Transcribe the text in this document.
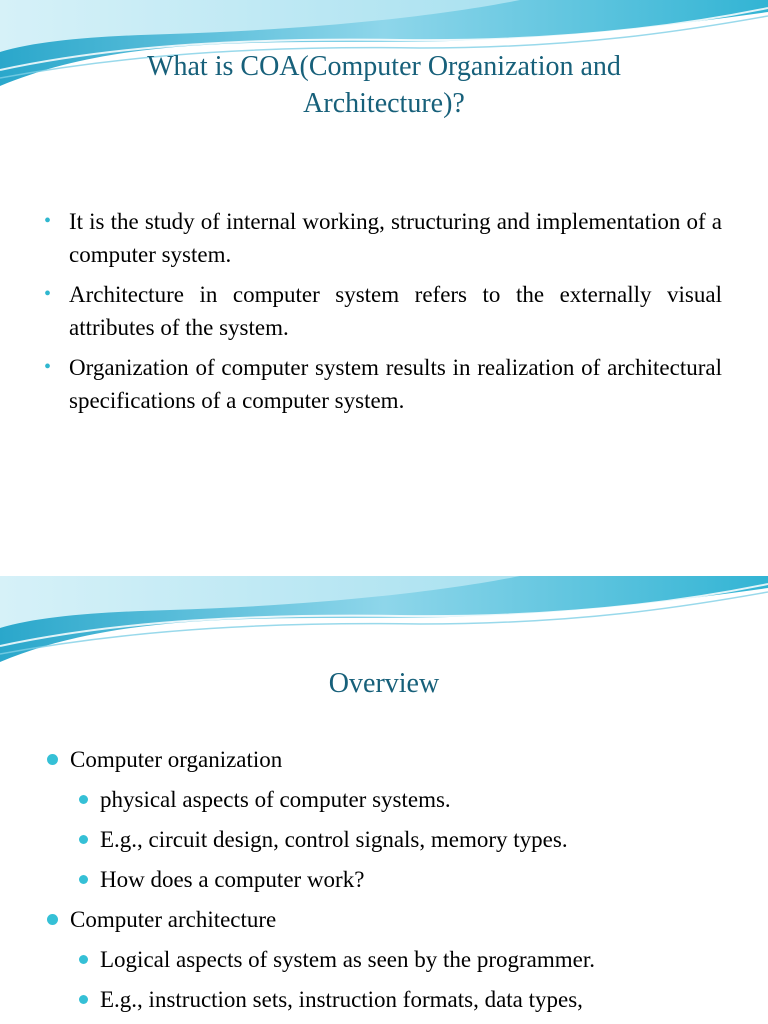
What is COA(Computer Organization and
Architecture)?
• It is the study of internal working, structuring and implementation of a computer system.
• Architecture in computer system refers to the externally visual attributes of the system.
• Organization of computer system results in realization of architectural specifications of a computer system.
Overview
Computer organization
physical aspects of computer systems.
E.g., circuit design, control signals, memory types.
How does a computer work?
Computer architecture
Logical aspects of system as seen by the programmer.
E.g., instruction sets, instruction formats, data types,
